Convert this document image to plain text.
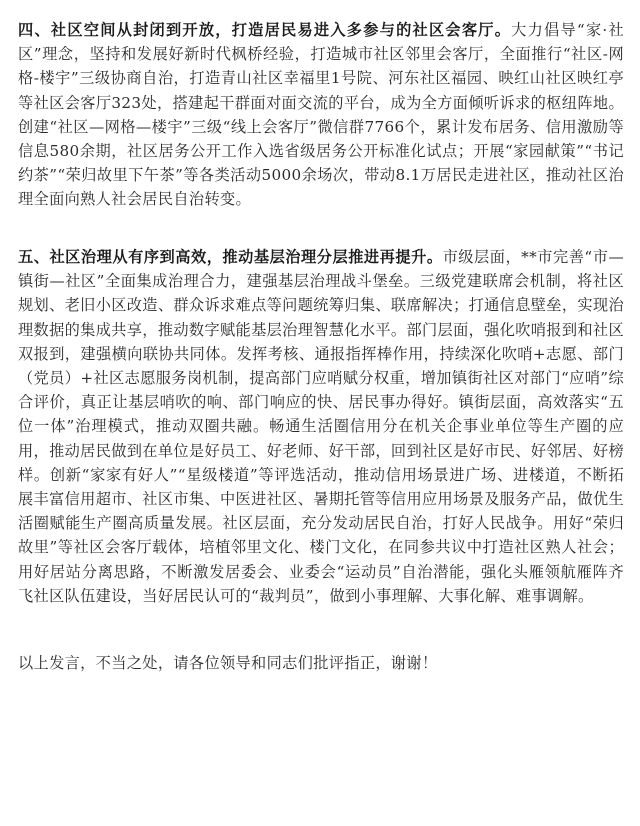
四、社区空间从封闭到开放，打造居民易进入多参与的社区会客厅。大力倡导“家·社区”理念，坚持和发展好新时代枫桥经验，打造城市社区邻里会客厅，全面推行“社区-网格-楼宇”三级协商自治，打造青山社区幸福里1号院、河东社区福园、映红山社区映红亭等社区会客厅323处，搭建起干群面对面交流的平台，成为全方面倾听诉求的枢纽阵地。创建“社区—网格—楼宇”三级“线上会客厅”微信群7766个，累计发布居务、信用激励等信息580余期，社区居务公开工作入选省级居务公开标准化试点；开展“家园献策”“书记约茶”“荣归故里下午茶”等各类活动5000余场次，带动8.1万居民走进社区，推动社区治理全面向熟人社会居民自治转变。

五、社区治理从有序到高效，推动基层治理分层推进再提升。市级层面，**市完善“市—镇街—社区”全面集成治理合力，建强基层治理战斗堡垒。三级党建联席会机制，将社区规划、老旧小区改造、群众诉求难点等问题统筹归集、联席解决；打通信息壁垒，实现治理数据的集成共享，推动数字赋能基层治理智慧化水平。部门层面，强化吹哨报到和社区双报到，建强横向联协共同体。发挥考核、通报指挥棒作用，持续深化吹哨+志愿、部门（党员）+社区志愿服务岗机制，提高部门应哨赋分权重，增加镇街社区对部门“应哨”综合评价，真正让基层哨吹的响、部门响应的快、居民事办得好。镇街层面，高效落实“五位一体”治理模式，推动双圈共融。畅通生活圈信用分在机关企事业单位等生产圈的应用，推动居民做到在单位是好员工、好老师、好干部，回到社区是好市民、好邻居、好榜样。创新“家家有好人”“星级楼道”等评选活动，推动信用场景进广场、进楼道，不断拓展丰富信用超市、社区市集、中医进社区、暑期托管等信用应用场景及服务产品，做优生活圈赋能生产圈高质量发展。社区层面，充分发动居民自治，打好人民战争。用好“荣归故里”等社区会客厅载体，培植邻里文化、楼门文化，在同参共议中打造社区熟人社会；用好居站分离思路，不断激发居委会、业委会“运动员”自治潜能，强化头雁领航雁阵齐飞社区队伍建设，当好居民认可的“裁判员”，做到小事理解、大事化解、难事调解。

以上发言，不当之处，请各位领导和同志们批评指正，谢谢！
